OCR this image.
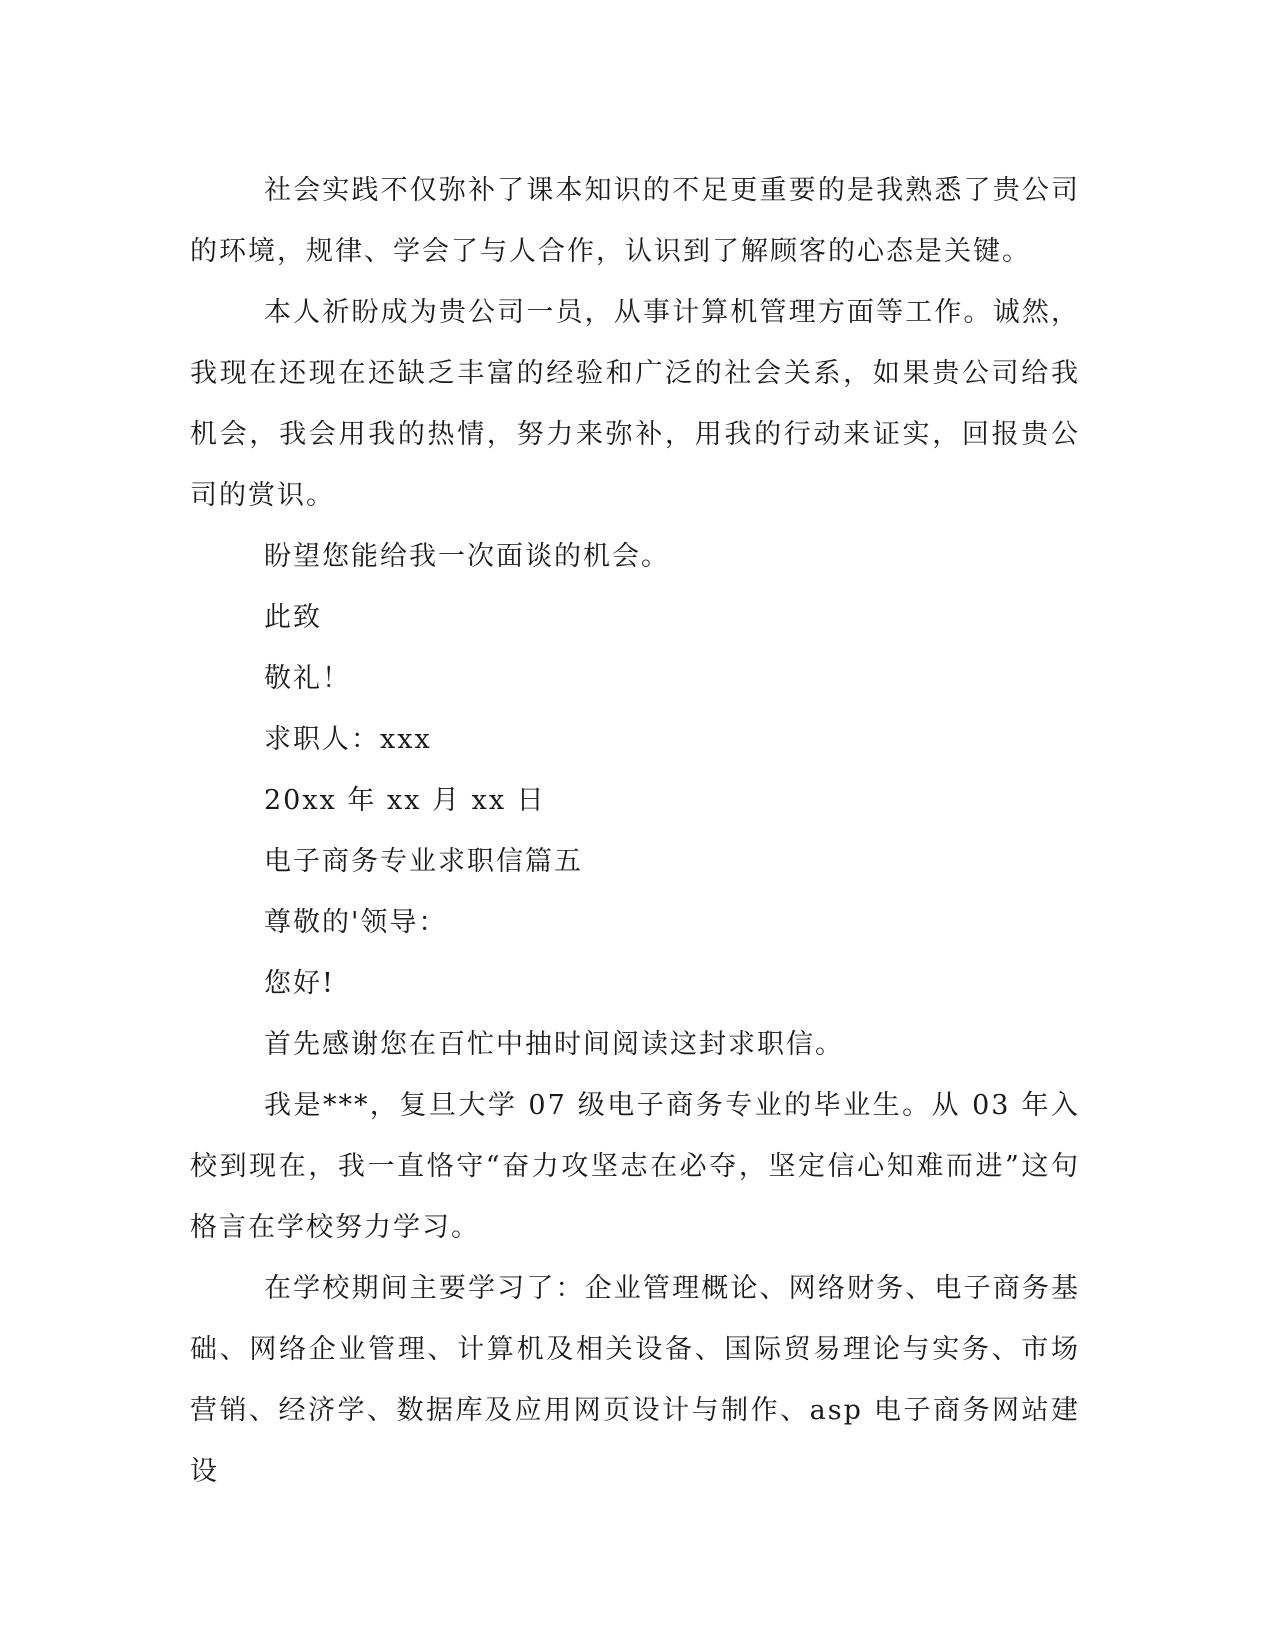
社会实践不仅弥补了课本知识的不足更重要的是我熟悉了贵公司的环境，规律、学会了与人合作，认识到了解顾客的心态是关键。

本人祈盼成为贵公司一员，从事计算机管理方面等工作。诚然，我现在还现在还缺乏丰富的经验和广泛的社会关系，如果贵公司给我机会，我会用我的热情，努力来弥补，用我的行动来证实，回报贵公司的赏识。

盼望您能给我一次面谈的机会。

此致

敬礼！

求职人：xxx

20xx 年 xx 月 xx 日

电子商务专业求职信篇五

尊敬的'领导：

您好!

首先感谢您在百忙中抽时间阅读这封求职信。

我是***，复旦大学 07 级电子商务专业的毕业生。从 03 年入校到现在，我一直恪守“奋力攻坚志在必夺，坚定信心知难而进”这句格言在学校努力学习。

在学校期间主要学习了：企业管理概论、网络财务、电子商务基础、网络企业管理、计算机及相关设备、国际贸易理论与实务、市场营销、经济学、数据库及应用网页设计与制作、asp 电子商务网站建设
